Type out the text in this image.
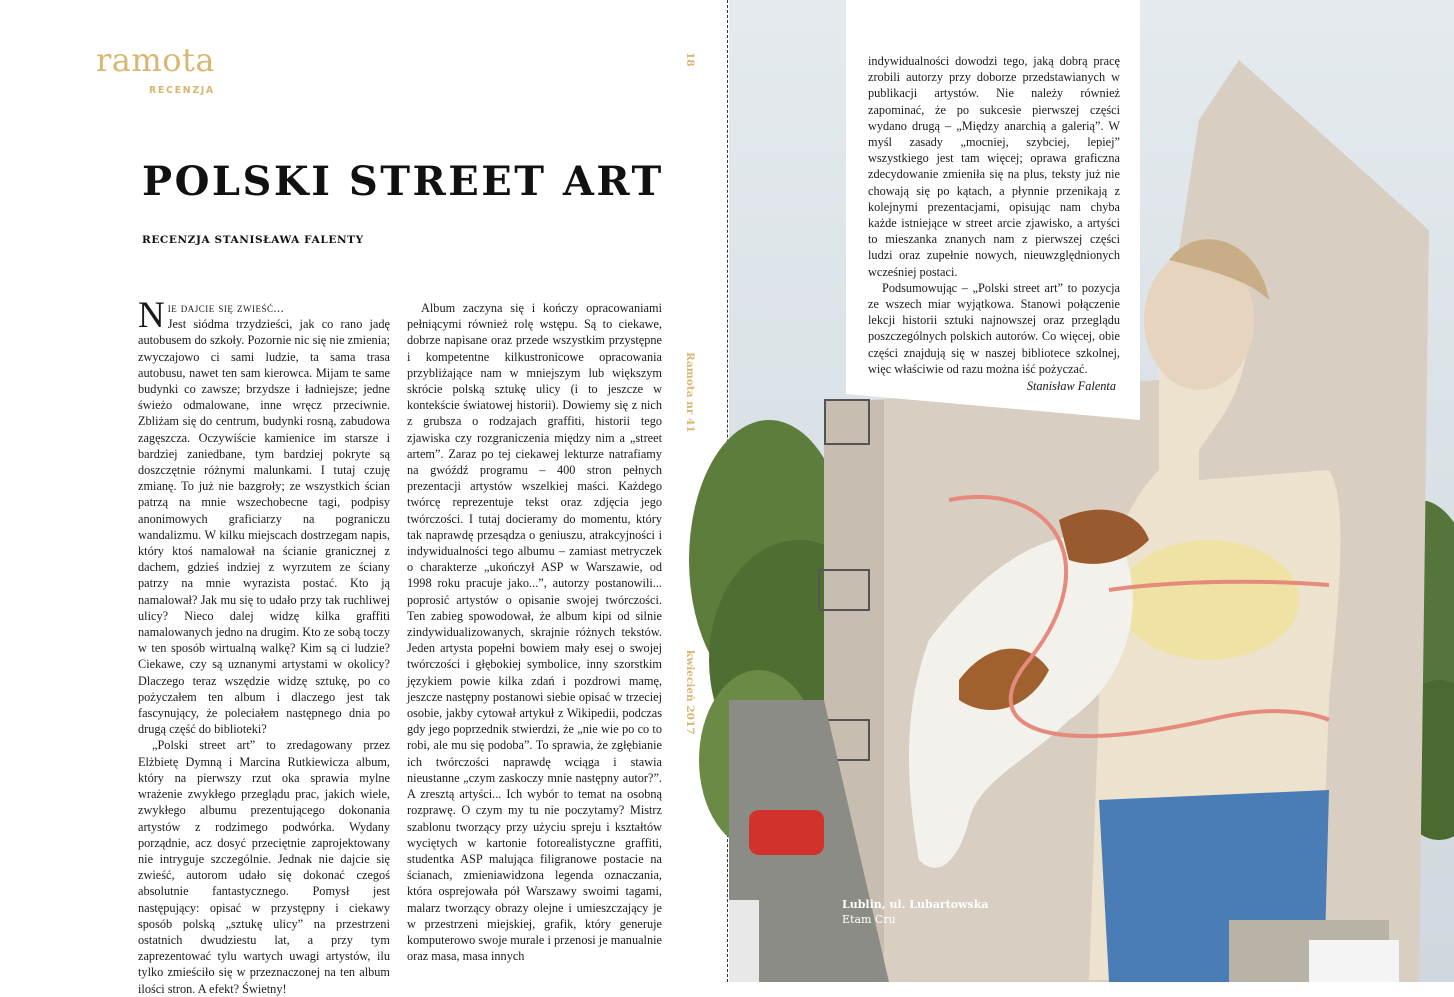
ramota
RECENZJA
18
Ramota nr 41
kwiecień 2017
POLSKI STREET ART
RECENZJA STANISŁAWA FALENTY
Nie dajcie się zwieść...

Jest siódma trzydzieści, jak co rano jadę autobusem do szkoły. Pozornie nic się nie zmienia; zwyczajowo ci sami ludzie, ta sama trasa autobusu, nawet ten sam kierowca. Mijam te same budynki co zawsze; brzydsze i ładniejsze; jedne świeżo odmalowane, inne wręcz przeciwnie. Zbliżam się do centrum, budynki rosną, zabudowa zagęszcza. Oczywiście kamienice im starsze i bardziej zaniedbane, tym bardziej pokryte są doszczętnie różnymi malunkami. I tutaj czuję zmianę. To już nie bazgroły; ze wszystkich ścian patrzą na mnie wszechobecne tagi, podpisy anonimowych graficiarzy na pograniczu wandalizmu. W kilku miejscach dostrzegam napis, który ktoś namalował na ścianie granicznej z dachem, gdzieś indziej z wyrzutem ze ściany patrzy na mnie wyrazista postać. Kto ją namalował? Jak mu się to udało przy tak ruchliwej ulicy? Nieco dalej widzę kilka graffiti namalowanych jedno na drugim. Kto ze sobą toczy w ten sposób wirtualną walkę? Kim są ci ludzie? Ciekawe, czy są uznanymi artystami w okolicy? Dlaczego teraz wszędzie widzę sztukę, po co pożyczałem ten album i dlaczego jest tak fascynujący, że poleciałem następnego dnia po drugą część do biblioteki?

„Polski street art” to zredagowany przez Elżbietę Dymną i Marcina Rutkiewicza album, który na pierwszy rzut oka sprawia mylne wrażenie zwykłego przeglądu prac, jakich wiele, zwykłego albumu prezentującego dokonania artystów z rodzimego podwórka. Wydany porządnie, acz dosyć przeciętnie zaprojektowany nie intryguje szczególnie. Jednak nie dajcie się zwieść, autorom udało się dokonać czegoś absolutnie fantastycznego. Pomysł jest następujący: opisać w przystępny i ciekawy sposób polską „sztukę ulicy” na przestrzeni ostatnich dwudziestu lat, a przy tym zaprezentować tylu wartych uwagi artystów, ilu tylko zmieściło się w przeznaczonej na ten album ilości stron. A efekt? Świetny!

Album zaczyna się i kończy opracowaniami pełniącymi również rolę wstępu. Są to ciekawe, dobrze napisane oraz przede wszystkim przystępne i kompetentne kilkustronicowe opracowania przybliżające nam w mniejszym lub większym skrócie polską sztukę ulicy (i to jeszcze w kontekście światowej historii). Dowiemy się z nich z grubsza o rodzajach graffiti, historii tego zjawiska czy rozgraniczenia między nim a „street artem”. Zaraz po tej ciekawej lekturze natrafiamy na gwóźdź programu – 400 stron pełnych prezentacji artystów wszelkiej maści. Każdego twórcę reprezentuje tekst oraz zdjęcia jego twórczości. I tutaj docieramy do momentu, który tak naprawdę przesądza o geniuszu, atrakcyjności i indywidualności tego albumu – zamiast metryczek o charakterze „ukończył ASP w Warszawie, od 1998 roku pracuje jako...”, autorzy postanowili... poprosić artystów o opisanie swojej twórczości. Ten zabieg spowodował, że album kipi od silnie zindywidualizowanych, skrajnie różnych tekstów. Jeden artysta popełni bowiem mały esej o swojej twórczości i głębokiej symbolice, inny szorstkim językiem powie kilka zdań i pozdrowi mamę, jeszcze następny postanowi siebie opisać w trzeciej osobie, jakby cytował artykuł z Wikipedii, podczas gdy jego poprzednik stwierdzi, że „nie wie po co to robi, ale mu się podoba”. To sprawia, że zgłębianie ich twórczości naprawdę wciąga i stawia nieustanne „czym zaskoczy mnie następny autor?”. A zresztą artyści... Ich wybór to temat na osobną rozprawę. O czym my tu nie poczytamy? Mistrz szablonu tworzący przy użyciu spreju i kształtów wyciętych w kartonie fotorealistyczne graffiti, studentka ASP malująca filigranowe postacie na ścianach, zmieniawidzona legenda oznaczania, która osprejowała pół Warszawy swoimi tagami, malarz tworzący obrazy olejne i umieszczający je w przestrzeni miejskiej, grafik, który generuje komputerowo swoje murale i przenosi je manualnie oraz masa, masa innych

indywidualności dowodzi tego, jaką dobrą pracę zrobili autorzy przy doborze przedstawianych w publikacji artystów. Nie należy również zapominać, że po sukcesie pierwszej części wydano drugą – „Między anarchią a galerią”. W myśl zasady „mocniej, szybciej, lepiej” wszystkiego jest tam więcej; oprawa graficzna zdecydowanie zmieniła się na plus, teksty już nie chowają się po kątach, a płynnie przenikają z kolejnymi prezentacjami, opisując nam chyba każde istniejące w street arcie zjawisko, a artyści to mieszanka znanych nam z pierwszej części ludzi oraz zupełnie nowych, nieuwzględnionych wcześniej postaci.

Podsumowując – „Polski street art” to pozycja ze wszech miar wyjątkowa. Stanowi połączenie lekcji historii sztuki najnowszej oraz przeglądu poszczególnych polskich autorów. Co więcej, obie części znajdują się w naszej bibliotece szkolnej, więc właściwie od razu można iść pożyczać.

Stanisław Falenta
Lublin, ul. Lubartowska
Etam Cru
